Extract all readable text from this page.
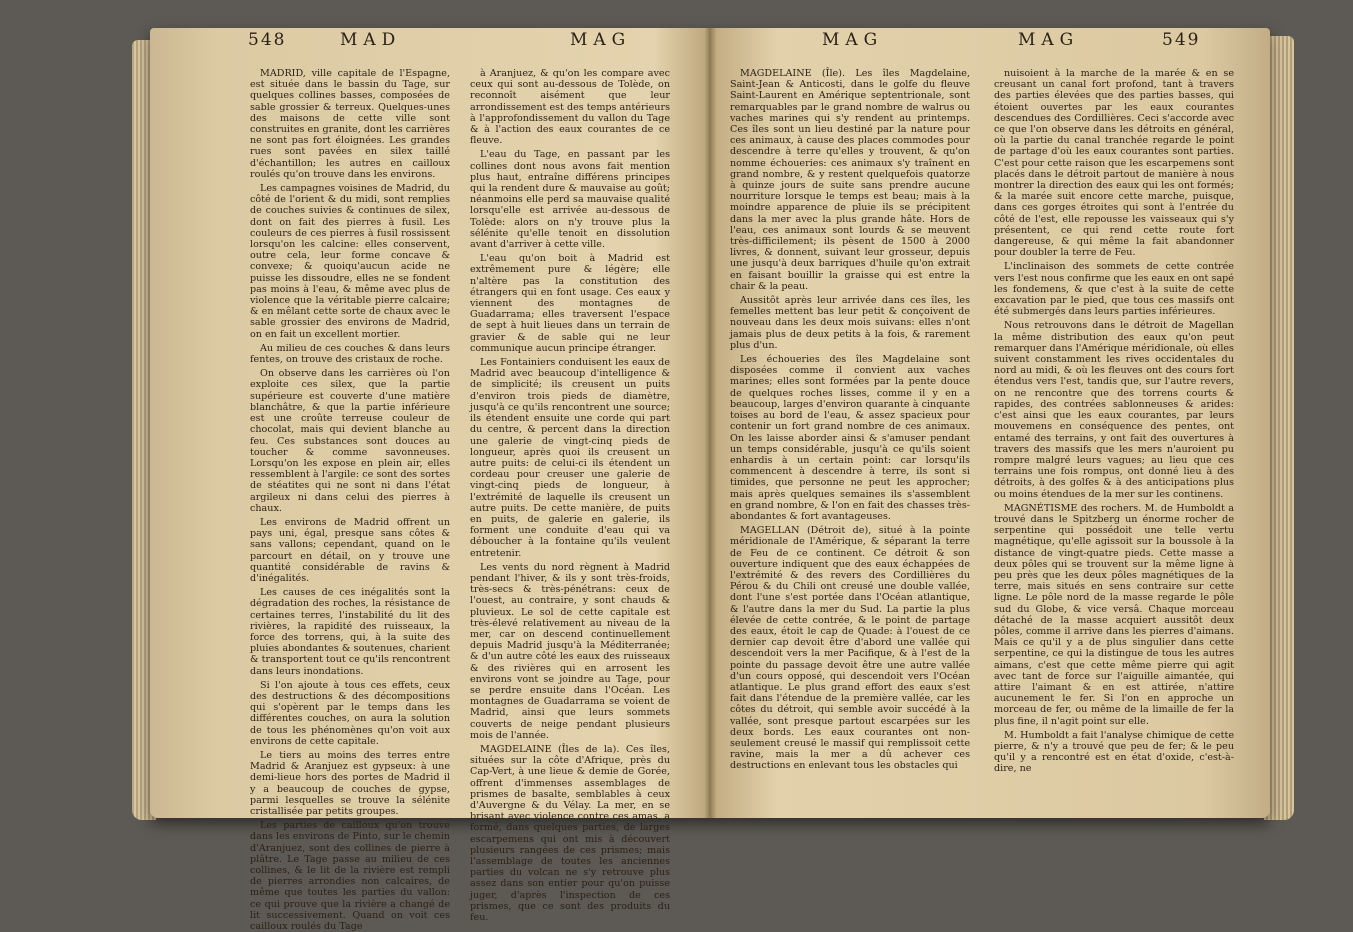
548	MAD	MAG

MADRID, ville capitale de l'Espagne, est située dans le bassin du Tage, sur quelques collines basses, composées de sable grossier & terreux. Quelques-unes des maisons de cette ville sont construites en granite, dont les carrières ne sont pas fort éloignées. Les grandes rues sont pavées en silex taillé d'échantillon; les autres en cailloux roulés qu'on trouve dans les environs.

Les campagnes voisines de Madrid, du côté de l'orient & du midi, sont remplies de couches suivies & continues de silex, dont on fait des pierres à fusil. Les couleurs de ces pierres à fusil rossissent lorsqu'on les calcine: elles conservent, outre cela, leur forme concave & convexe; & quoiqu'aucun acide ne puisse les dissoudre, elles ne se fondent pas moins à l'eau, & même avec plus de violence que la véritable pierre calcaire; & en mêlant cette sorte de chaux avec le sable grossier des environs de Madrid, on en fait un excellent mortier.

Au milieu de ces couches & dans leurs fentes, on trouve des cristaux de roche.

On observe dans les carrières où l'on exploite ces silex, que la partie supérieure est couverte d'une matière blanchâtre, & que la partie inférieure est une croûte terreuse couleur de chocolat, mais qui devient blanche au feu. Ces substances sont douces au toucher & comme savonneuses. Lorsqu'on les expose en plein air, elles ressemblent à l'argile: ce sont des sortes de stéatites qui ne sont ni dans l'état argileux ni dans celui des pierres à chaux.

Les environs de Madrid offrent un pays uni, égal, presque sans côtes & sans vallons; cependant, quand on le parcourt en détail, on y trouve une quantité considérable de ravins & d'inégalités.

Les causes de ces inégalités sont la dégradation des roches, la résistance de certaines terres, l'instabilité du lit des rivières, la rapidité des ruisseaux, la force des torrens, qui, à la suite des pluies abondantes & soutenues, charient & transportent tout ce qu'ils rencontrent dans leurs inondations.

Si l'on ajoute à tous ces effets, ceux des destructions & des décompositions qui s'opèrent par le temps dans les différentes couches, on aura la solution de tous les phénomènes qu'on voit aux environs de cette capitale.

Le tiers au moins des terres entre Madrid & Aranjuez est gypseux: à une demi-lieue hors des portes de Madrid il y a beaucoup de couches de gypse, parmi lesquelles se trouve la sélénite cristallisée par petits groupes.

Les parties de cailloux qu'on trouve dans les environs de Pinto, sur le chemin d'Aranjuez, sont des collines de pierre à plâtre. Le Tage passe au milieu de ces collines, & le lit de la rivière est rempli de pierres arrondies non calcaires, de même que toutes les parties du vallon: ce qui prouve que la rivière a changé de lit successivement. Quand on voit ces cailloux roulés du Tage

à Aranjuez, & qu'on les compare avec ceux qui sont au-dessous de Tolède, on reconnoît aisément que leur arrondissement est des temps antérieurs à l'approfondissement du vallon du Tage & à l'action des eaux courantes de ce fleuve.

L'eau du Tage, en passant par les collines dont nous avons fait mention plus haut, entraîne différens principes qui la rendent dure & mauvaise au goût; néanmoins elle perd sa mauvaise qualité lorsqu'elle est arrivée au-dessous de Tolède: alors on n'y trouve plus la sélénite qu'elle tenoit en dissolution avant d'arriver à cette ville.

L'eau qu'on boit à Madrid est extrêmement pure & légère; elle n'altère pas la constitution des étrangers qui en font usage. Ces eaux y viennent des montagnes de Guadarrama; elles traversent l'espace de sept à huit lieues dans un terrain de gravier & de sable qui ne leur communique aucun principe étranger.

Les Fontainiers conduisent les eaux de Madrid avec beaucoup d'intelligence & de simplicité; ils creusent un puits d'environ trois pieds de diamètre, jusqu'à ce qu'ils rencontrent une source; ils étendent ensuite une corde qui part du centre, & percent dans la direction une galerie de vingt-cinq pieds de longueur, après quoi ils creusent un autre puits: de celui-ci ils étendent un cordeau pour creuser une galerie de vingt-cinq pieds de longueur, à l'extrémité de laquelle ils creusent un autre puits. De cette manière, de puits en puits, de galerie en galerie, ils forment une conduite d'eau qui va déboucher à la fontaine qu'ils veulent entretenir.

Les vents du nord règnent à Madrid pendant l'hiver, & ils y sont très-froids, très-secs & très-pénétrans: ceux de l'ouest, au contraire, y sont chauds & pluvieux. Le sol de cette capitale est très-élevé relativement au niveau de la mer, car on descend continuellement depuis Madrid jusqu'à la Méditerranée; & d'un autre côté les eaux des ruisseaux & des rivières qui en arrosent les environs vont se joindre au Tage, pour se perdre ensuite dans l'Océan. Les montagnes de Guadarrama se voient de Madrid, ainsi que leurs sommets couverts de neige pendant plusieurs mois de l'année.

MAGDELAINE (Îles de la). Ces îles, situées sur la côte d'Afrique, près du Cap-Vert, à une lieue & demie de Gorée, offrent d'immenses assemblages de prismes de basalte, semblables à ceux d'Auvergne & du Vélay. La mer, en se brisant avec violence contre ces amas, a formé, dans quelques parties, de larges escarpemens qui ont mis à découvert plusieurs rangées de ces prismes; mais l'assemblage de toutes les anciennes parties du volcan ne s'y retrouve plus assez dans son entier pour qu'on puisse juger, d'après l'inspection de ces prismes, que ce sont des produits du feu.

MAG	MAG	549

MAGDELAINE (Île). Les îles Magdelaine, Saint-Jean & Anticosti, dans le golfe du fleuve Saint-Laurent en Amérique septentrionale, sont remarquables par le grand nombre de walrus ou vaches marines qui s'y rendent au printemps. Ces îles sont un lieu destiné par la nature pour ces animaux, à cause des places commodes pour descendre à terre qu'elles y trouvent, & qu'on nomme échoueries: ces animaux s'y traînent en grand nombre, & y restent quelquefois quatorze à quinze jours de suite sans prendre aucune nourriture lorsque le temps est beau; mais à la moindre apparence de pluie ils se précipitent dans la mer avec la plus grande hâte. Hors de l'eau, ces animaux sont lourds & se meuvent très-difficilement; ils pèsent de 1500 à 2000 livres, & donnent, suivant leur grosseur, depuis une jusqu'à deux barriques d'huile qu'on extrait en faisant bouillir la graisse qui est entre la chair & la peau.

Aussitôt après leur arrivée dans ces îles, les femelles mettent bas leur petit & conçoivent de nouveau dans les deux mois suivans: elles n'ont jamais plus de deux petits à la fois, & rarement plus d'un.

Les échoueries des îles Magdelaine sont disposées comme il convient aux vaches marines; elles sont formées par la pente douce de quelques roches lisses, comme il y en a beaucoup, larges d'environ quarante à cinquante toises au bord de l'eau, & assez spacieux pour contenir un fort grand nombre de ces animaux. On les laisse aborder ainsi & s'amuser pendant un temps considérable, jusqu'à ce qu'ils soient enhardis à un certain point: car lorsqu'ils commencent à descendre à terre, ils sont si timides, que personne ne peut les approcher; mais après quelques semaines ils s'assemblent en grand nombre, & l'on en fait des chasses très-abondantes & fort avantageuses.

MAGELLAN (Détroit de), situé à la pointe méridionale de l'Amérique, & séparant la terre de Feu de ce continent. Ce détroit & son ouverture indiquent que des eaux échappées de l'extrémité & des revers des Cordillières du Pérou & du Chili ont creusé une double vallée, dont l'une s'est portée dans l'Océan atlantique, & l'autre dans la mer du Sud. La partie la plus élevée de cette contrée, & le point de partage des eaux, étoit le cap de Quade: à l'ouest de ce dernier cap devoit être d'abord une vallée qui descendoit vers la mer Pacifique, & à l'est de la pointe du passage devoit être une autre vallée d'un cours opposé, qui descendoit vers l'Océan atlantique. Le plus grand effort des eaux s'est fait dans l'étendue de la première vallée, car les côtes du détroit, qui semble avoir succédé à la vallée, sont presque partout escarpées sur les deux bords. Les eaux courantes ont non-seulement creusé le massif qui remplissoit cette ravine, mais la mer a dû achever ces destructions en enlevant tous les obstacles qui

nuisoient à la marche de la marée & en se creusant un canal fort profond, tant à travers des parties élevées que des parties basses, qui étoient ouvertes par les eaux courantes descendues des Cordillières. Ceci s'accorde avec ce que l'on observe dans les détroits en général, où la partie du canal tranchée regarde le point de partage d'où les eaux courantes sont parties. C'est pour cette raison que les escarpemens sont placés dans le détroit partout de manière à nous montrer la direction des eaux qui les ont formés; & la marée suit encore cette marche, puisque, dans ces gorges étroites qui sont à l'entrée du côté de l'est, elle repousse les vaisseaux qui s'y présentent, ce qui rend cette route fort dangereuse, & qui même la fait abandonner pour doubler la terre de Feu.

L'inclinaison des sommets de cette contrée vers l'est nous confirme que les eaux en ont sapé les fondemens, & que c'est à la suite de cette excavation par le pied, que tous ces massifs ont été submergés dans leurs parties inférieures.

Nous retrouvons dans le détroit de Magellan la même distribution des eaux qu'on peut remarquer dans l'Amérique méridionale, où elles suivent constamment les rives occidentales du nord au midi, & où les fleuves ont des cours fort étendus vers l'est, tandis que, sur l'autre revers, on ne rencontre que des torrens courts & rapides, des contrées sablonneuses & arides: c'est ainsi que les eaux courantes, par leurs mouvemens en conséquence des pentes, ont entamé des terrains, y ont fait des ouvertures à travers des massifs que les mers n'auroient pu rompre malgré leurs vagues; au lieu que ces terrains une fois rompus, ont donné lieu à des détroits, à des golfes & à des anticipations plus ou moins étendues de la mer sur les continens.

MAGNÉTISME des rochers. M. de Humboldt a trouvé dans le Spitzberg un énorme rocher de serpentine qui possédoit une telle vertu magnétique, qu'elle agissoit sur la boussole à la distance de vingt-quatre pieds. Cette masse a deux pôles qui se trouvent sur la même ligne à peu près que les deux pôles magnétiques de la terre, mais situés en sens contraire sur cette ligne. Le pôle nord de la masse regarde le pôle sud du Globe, & vice versâ. Chaque morceau détaché de la masse acquiert aussitôt deux pôles, comme il arrive dans les pierres d'aimans. Mais ce qu'il y a de plus singulier dans cette serpentine, ce qui la distingue de tous les autres aimans, c'est que cette même pierre qui agit avec tant de force sur l'aiguille aimantée, qui attire l'aimant & en est attirée, n'attire aucunement le fer. Si l'on en approche un morceau de fer, ou même de la limaille de fer la plus fine, il n'agit point sur elle.

M. Humboldt a fait l'analyse chimique de cette pierre, & n'y a trouvé que peu de fer; & le peu qu'il y a rencontré est en état d'oxide, c'est-à-dire, ne
